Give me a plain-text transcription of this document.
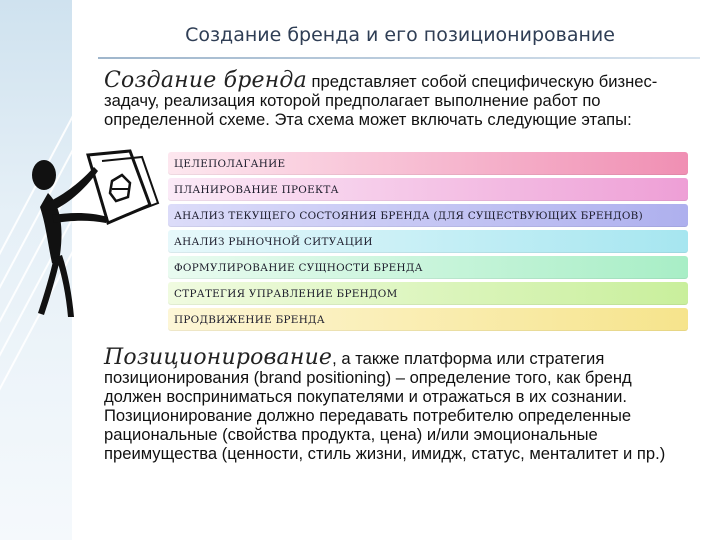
Создание бренда и его позиционирование
Создание бренда представляет собой специфическую бизнес-
задачу, реализация которой предполагает выполнение работ по определенной схеме. Эта схема может включать следующие этапы:
ЦЕЛЕПОЛАГАНИЕ
ПЛАНИРОВАНИЕ ПРОЕКТА
АНАЛИЗ ТЕКУЩЕГО СОСТОЯНИЯ БРЕНДА (ДЛЯ СУЩЕСТВУЮЩИХ БРЕНДОВ)
АНАЛИЗ РЫНОЧНОЙ СИТУАЦИИ
ФОРМУЛИРОВАНИЕ СУЩНОСТИ БРЕНДА
СТРАТЕГИЯ УПРАВЛЕНИЕ БРЕНДОМ
ПРОДВИЖЕНИЕ БРЕНДА
Позиционирование, а также платформа или стратегия позиционирования (brand positioning) – определение того, как бренд должен восприниматься покупателями и отражаться в их сознании. Позиционирование должно передавать потребителю определенные рациональные (свойства продукта, цена) и/или эмоциональные преимущества (ценности, стиль жизни, имидж, статус, менталитет и пр.)
